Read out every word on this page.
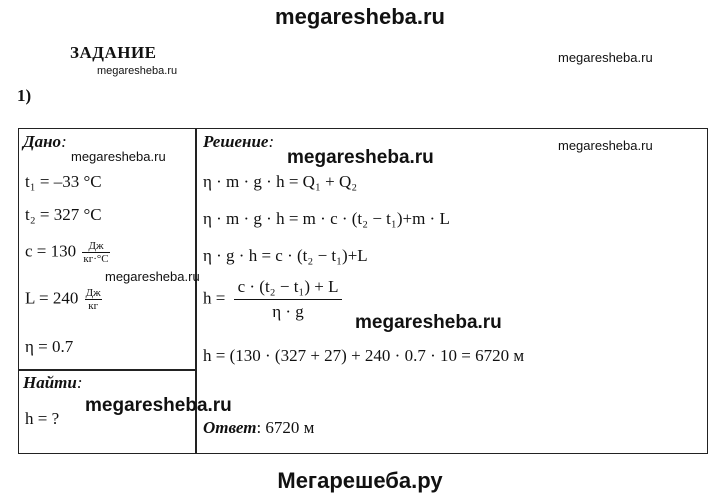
megaresheba.ru
ЗАДАНИЕ
megaresheba.ru
megaresheba.ru
1)
Дано:
megaresheba.ru
t₁ = –33 °C
t₂ = 327 °C
$c = 130 \frac{Дж}{кг\cdot^\circ C}$
megaresheba.ru
$L = 240 \frac{Дж}{кг}$
η = 0.7
Найти:
h = ?
megaresheba.ru
Решение:	megaresheba.ru
megaresheba.ru
η · m · g · h = Q₁ + Q₂
η · m · g · h = m · c · (t₂ − t₁)+m · L
η · g · h = c · (t₂ − t₁)+L
$h = \frac{\text{c · (t₂ − t₁) + L}}{\eta \cdot g}$
megaresheba.ru
h = (130 · (327 + 27) + 240 · 0.7 · 10 = 6720 м
Ответ: 6720 м
Мегарешеба.ру
